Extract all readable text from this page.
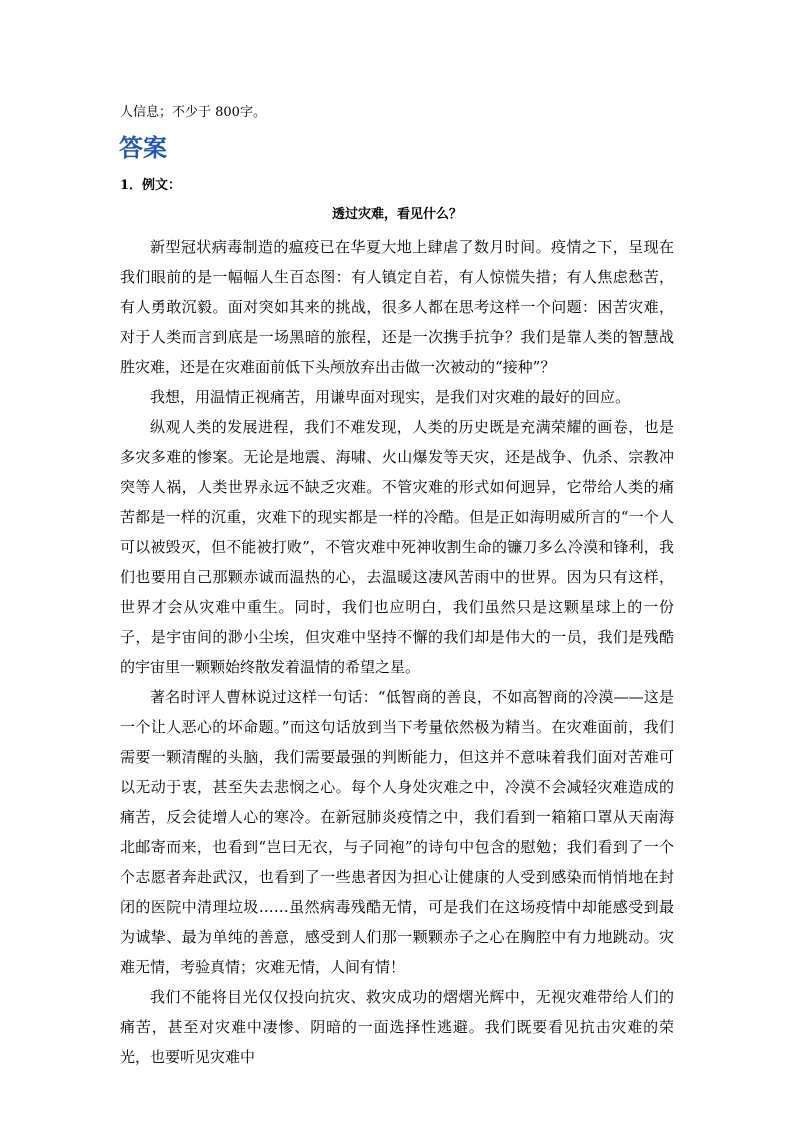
人信息；不少于 800字。
答案
1．例文：
透过灾难，看见什么？

新型冠状病毒制造的瘟疫已在华夏大地上肆虐了数月时间。疫情之下，呈现在我们眼前的是一幅幅人生百态图：有人镇定自若，有人惊慌失措；有人焦虑愁苦，有人勇敢沉毅。面对突如其来的挑战，很多人都在思考这样一个问题：困苦灾难，对于人类而言到底是一场黑暗的旅程，还是一次携手抗争？我们是靠人类的智慧战胜灾难，还是在灾难面前低下头颅放弃出击做一次被动的“接种”？

我想，用温情正视痛苦，用谦卑面对现实，是我们对灾难的最好的回应。

纵观人类的发展进程，我们不难发现，人类的历史既是充满荣耀的画卷，也是多灾多难的惨案。无论是地震、海啸、火山爆发等天灾，还是战争、仇杀、宗教冲突等人祸，人类世界永远不缺乏灾难。不管灾难的形式如何迥异，它带给人类的痛苦都是一样的沉重，灾难下的现实都是一样的冷酷。但是正如海明威所言的“一个人可以被毁灭，但不能被打败”，不管灾难中死神收割生命的镰刀多么冷漠和锋利，我们也要用自己那颗赤诚而温热的心，去温暖这凄风苦雨中的世界。因为只有这样，世界才会从灾难中重生。同时，我们也应明白，我们虽然只是这颗星球上的一份子，是宇宙间的渺小尘埃，但灾难中坚持不懈的我们却是伟大的一员，我们是残酷的宇宙里一颗颗始终散发着温情的希望之星。

著名时评人曹林说过这样一句话：“低智商的善良，不如高智商的冷漠——这是一个让人恶心的坏命题。”而这句话放到当下考量依然极为精当。在灾难面前，我们需要一颗清醒的头脑，我们需要最强的判断能力，但这并不意味着我们面对苦难可以无动于衷，甚至失去悲悯之心。每个人身处灾难之中，冷漠不会减轻灾难造成的痛苦，反会徒增人心的寒冷。在新冠肺炎疫情之中，我们看到一箱箱口罩从天南海北邮寄而来，也看到“岂曰无衣，与子同袍”的诗句中包含的慰勉；我们看到了一个个志愿者奔赴武汉，也看到了一些患者因为担心让健康的人受到感染而悄悄地在封闭的医院中清理垃圾……虽然病毒残酷无情，可是我们在这场疫情中却能感受到最为诚挚、最为单纯的善意，感受到人们那一颗颗赤子之心在胸腔中有力地跳动。灾难无情，考验真情；灾难无情，人间有情！

我们不能将目光仅仅投向抗灾、救灾成功的熠熠光辉中，无视灾难带给人们的痛苦，甚至对灾难中凄惨、阴暗的一面选择性逃避。我们既要看见抗击灾难的荣光，也要听见灾难中
